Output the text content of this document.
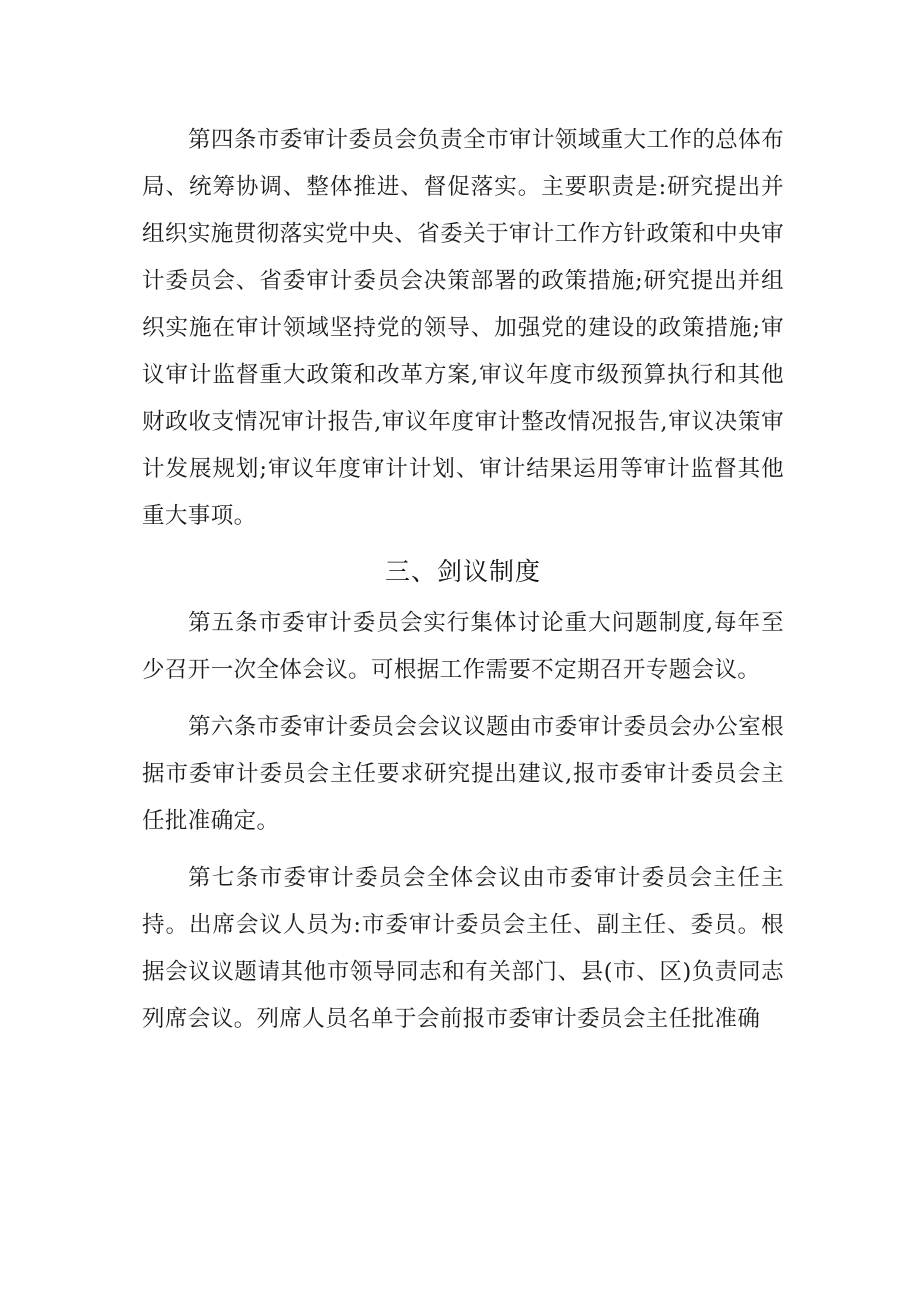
第四条市委审计委员会负责全市审计领域重大工作的总体布局、统筹协调、整体推进、督促落实。主要职责是:研究提出并组织实施贯彻落实党中央、省委关于审计工作方针政策和中央审计委员会、省委审计委员会决策部署的政策措施;研究提出并组织实施在审计领域坚持党的领导、加强党的建设的政策措施;审议审计监督重大政策和改革方案,审议年度市级预算执行和其他财政收支情况审计报告,审议年度审计整改情况报告,审议决策审计发展规划;审议年度审计计划、审计结果运用等审计监督其他重大事项。

三、剑议制度

第五条市委审计委员会实行集体讨论重大问题制度,每年至少召开一次全体会议。可根据工作需要不定期召开专题会议。

第六条市委审计委员会会议议题由市委审计委员会办公室根据市委审计委员会主任要求研究提出建议,报市委审计委员会主任批准确定。

第七条市委审计委员会全体会议由市委审计委员会主任主持。出席会议人员为:市委审计委员会主任、副主任、委员。根据会议议题请其他市领导同志和有关部门、县(市、区)负责同志列席会议。列席人员名单于会前报市委审计委员会主任批准确
